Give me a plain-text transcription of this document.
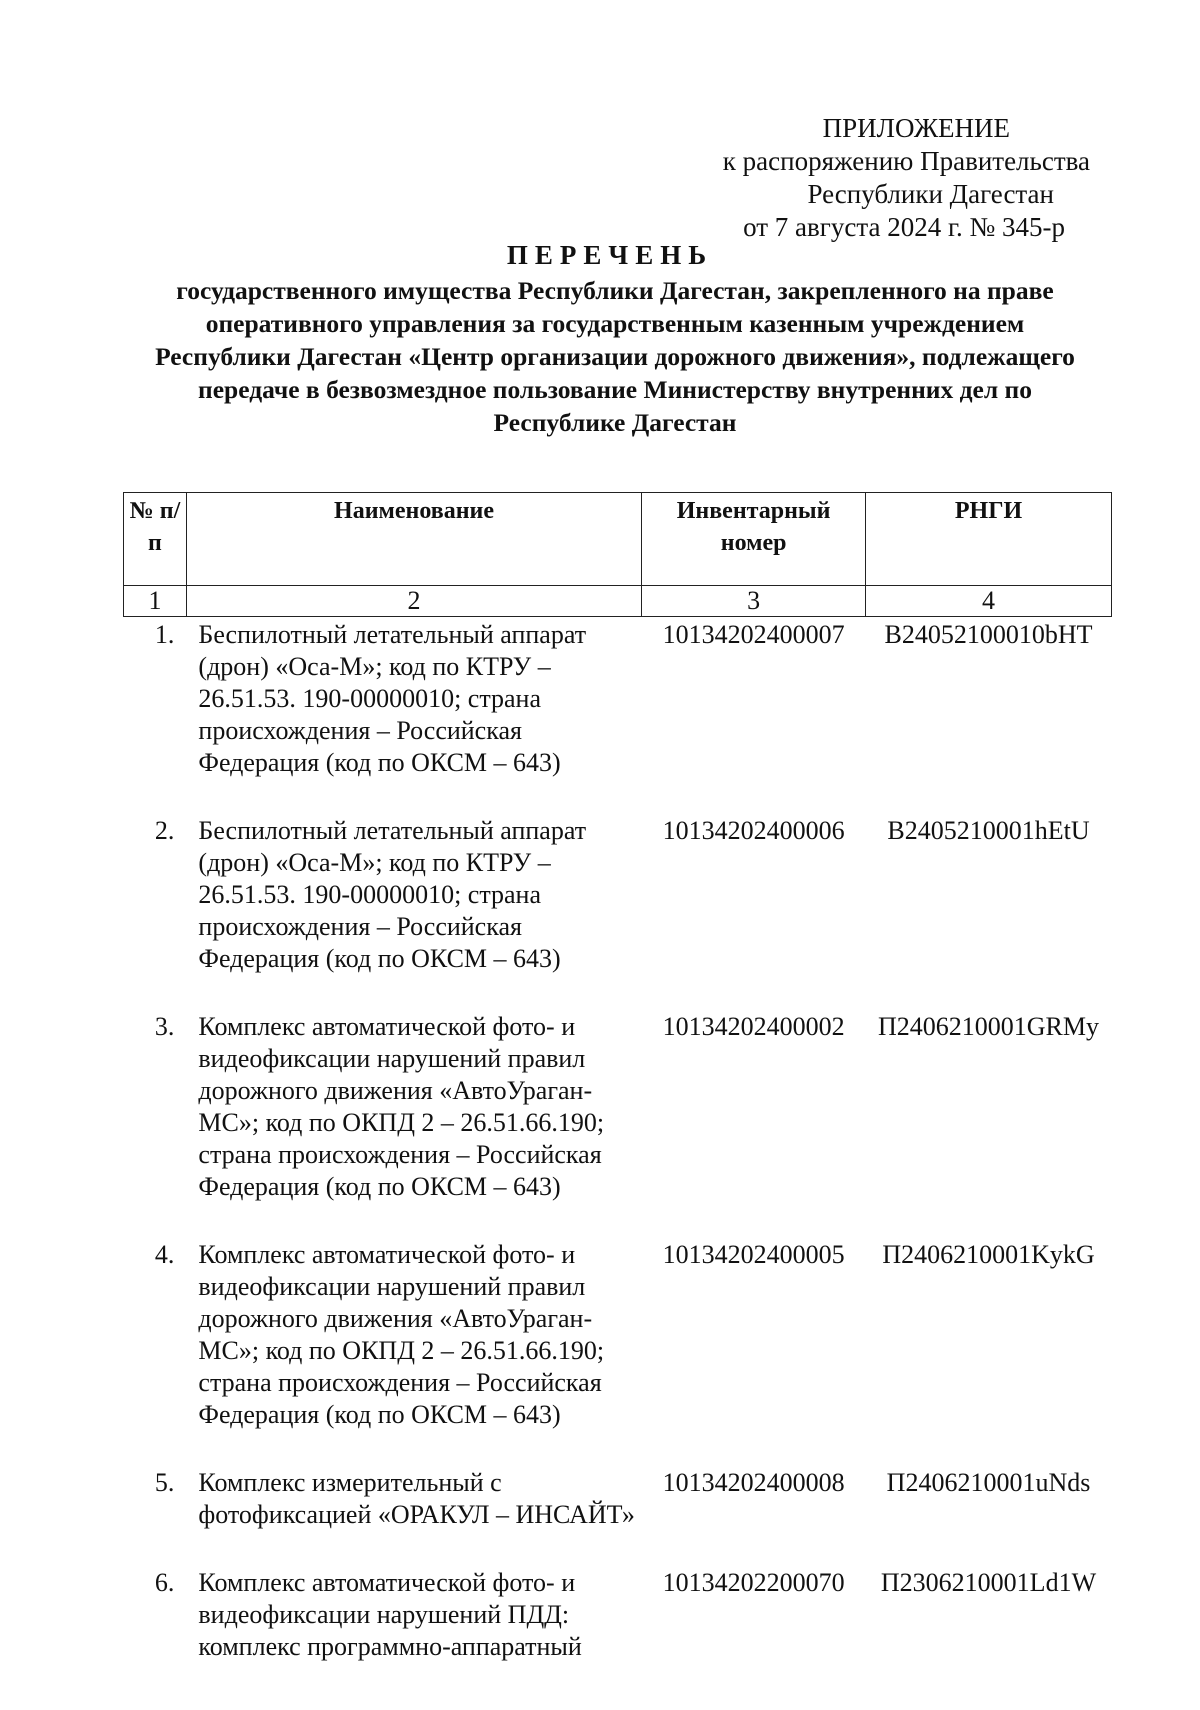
ПРИЛОЖЕНИЕ
к распоряжению Правительства
Республики Дагестан
от 7 августа 2024 г. № 345-р
ПЕРЕЧЕНЬ
государственного имущества Республики Дагестан, закрепленного на праве оперативного управления за государственным казенным учреждением Республики Дагестан «Центр организации дорожного движения», подлежащего передаче в безвозмездное пользование Министерству внутренних дел по Республике Дагестан
№ п/п	Наименование	Инвентарный номер	РНГИ
1	2	3	4
1.	Беспилотный летательный аппарат (дрон) «Оса-М»; код по КТРУ – 26.51.53. 190-00000010; страна происхождения – Российская Федерация (код по ОКСМ – 643)	10134202400007	В24052100010bHT
2.	Беспилотный летательный аппарат (дрон) «Оса-М»; код по КТРУ – 26.51.53. 190-00000010; страна происхождения – Российская Федерация (код по ОКСМ – 643)	10134202400006	В2405210001hEtU
3.	Комплекс автоматической фото- и видеофиксации нарушений правил дорожного движения «АвтоУраган-МС»; код по ОКПД 2 – 26.51.66.190; страна происхождения – Российская Федерация (код по ОКСМ – 643)	10134202400002	П2406210001GRMy
4.	Комплекс автоматической фото- и видеофиксации нарушений правил дорожного движения «АвтоУраган-МС»; код по ОКПД 2 – 26.51.66.190; страна происхождения – Российская Федерация (код по ОКСМ – 643)	10134202400005	П2406210001KykG
5.	Комплекс измерительный с фотофиксацией «ОРАКУЛ – ИНСАЙТ»	10134202400008	П2406210001uNds
6.	Комплекс автоматической фото- и видеофиксации нарушений ПДД: комплекс программно-аппаратный	10134202200070	П2306210001Ld1W
